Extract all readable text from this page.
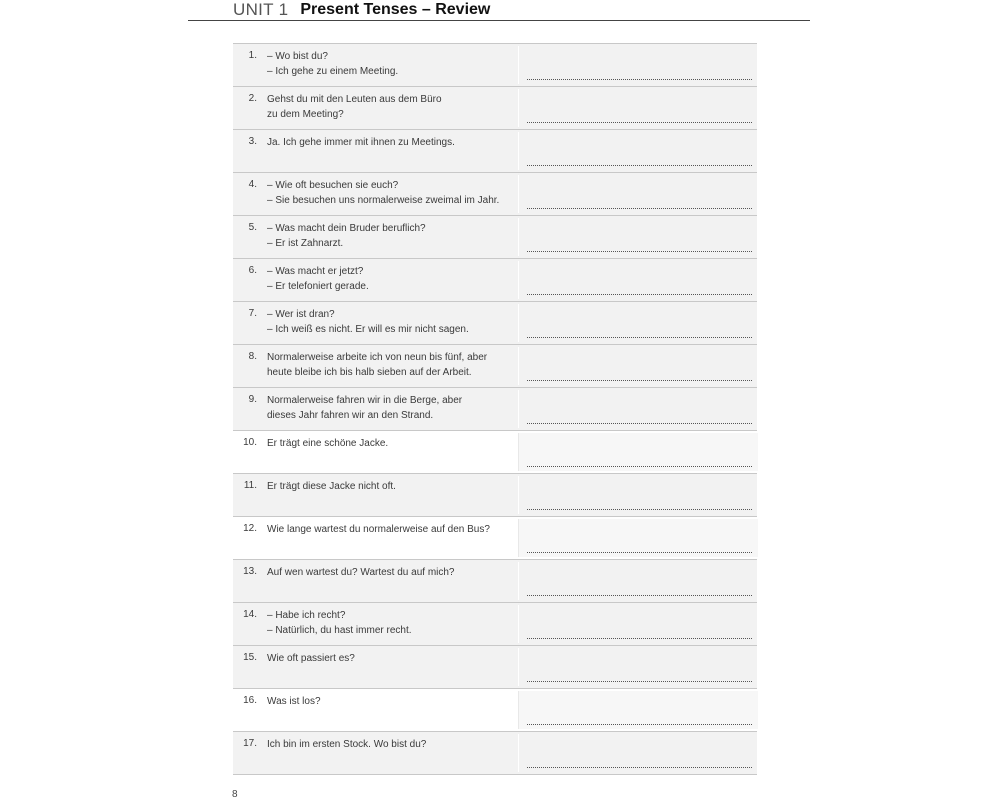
UNIT 1 Present Tenses – Review
1. – Wo bist du?
– Ich gehe zu einem Meeting.
2. Gehst du mit den Leuten aus dem Büro
zu dem Meeting?
3. Ja. Ich gehe immer mit ihnen zu Meetings.

4. – Wie oft besuchen sie euch?
– Sie besuchen uns normalerweise zweimal im Jahr.
5. – Was macht dein Bruder beruflich?
– Er ist Zahnarzt.
6. – Was macht er jetzt?
– Er telefoniert gerade.
7. – Wer ist dran?
– Ich weiß es nicht. Er will es mir nicht sagen.
8. Normalerweise arbeite ich von neun bis fünf, aber
heute bleibe ich bis halb sieben auf der Arbeit.
9. Normalerweise fahren wir in die Berge, aber
dieses Jahr fahren wir an den Strand.
10. Er trägt eine schöne Jacke.

11. Er trägt diese Jacke nicht oft.

12. Wie lange wartest du normalerweise auf den Bus?

13. Auf wen wartest du? Wartest du auf mich?

14. – Habe ich recht?
– Natürlich, du hast immer recht.
15. Wie oft passiert es?

16. Was ist los?

17. Ich bin im ersten Stock. Wo bist du?

8
